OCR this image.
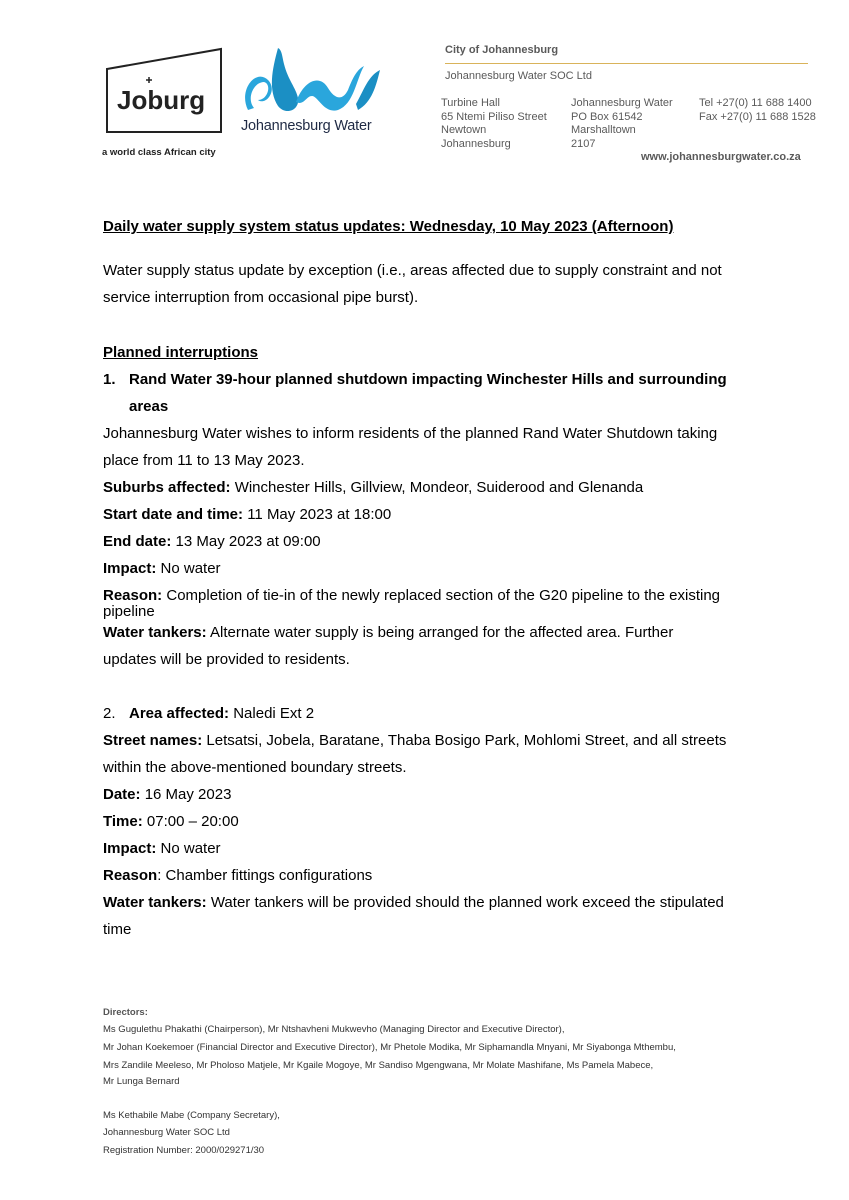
Joburg
a world class African city
Johannesburg Water
City of Johannesburg
Johannesburg Water SOC Ltd
Turbine Hall
65 Ntemi Piliso Street
Newtown
Johannesburg
Johannesburg Water
PO Box 61542
Marshalltown
2107
Tel +27(0) 11 688 1400
Fax +27(0) 11 688 1528
www.johannesburgwater.co.za
Daily water supply system status updates: Wednesday, 10 May 2023 (Afternoon)
Water supply status update by exception (i.e., areas affected due to supply constraint and not
service interruption from occasional pipe burst).
Planned interruptions
1. Rand Water 39-hour planned shutdown impacting Winchester Hills and surrounding
areas
Johannesburg Water wishes to inform residents of the planned Rand Water Shutdown taking
place from 11 to 13 May 2023.
Suburbs affected: Winchester Hills, Gillview, Mondeor, Suiderood and Glenanda
Start date and time: 11 May 2023 at 18:00
End date: 13 May 2023 at 09:00
Impact: No water
Reason: Completion of tie-in of the newly replaced section of the G20 pipeline to the existing
pipeline
Water tankers: Alternate water supply is being arranged for the affected area. Further
updates will be provided to residents.
2. Area affected: Naledi Ext 2
Street names: Letsatsi, Jobela, Baratane, Thaba Bosigo Park, Mohlomi Street, and all streets
within the above-mentioned boundary streets.
Date: 16 May 2023
Time: 07:00 – 20:00
Impact: No water
Reason: Chamber fittings configurations
Water tankers: Water tankers will be provided should the planned work exceed the stipulated
time
Directors:
Ms Gugulethu Phakathi (Chairperson), Mr Ntshavheni Mukwevho (Managing Director and Executive Director),
Mr Johan Koekemoer (Financial Director and Executive Director), Mr Phetole Modika, Mr Siphamandla Mnyani, Mr Siyabonga Mthembu,
Mrs Zandile Meeleso, Mr Pholoso Matjele, Mr Kgaile Mogoye, Mr Sandiso Mgengwana, Mr Molate Mashifane, Ms Pamela Mabece,
Mr Lunga Bernard
Ms Kethabile Mabe (Company Secretary),
Johannesburg Water SOC Ltd
Registration Number: 2000/029271/30
